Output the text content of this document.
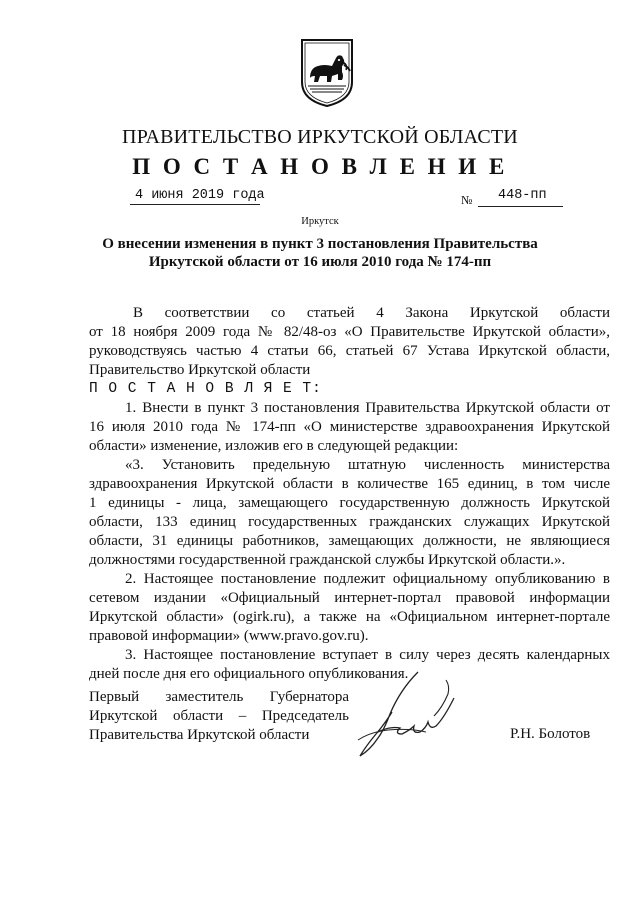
ПРАВИТЕЛЬСТВО ИРКУТСКОЙ ОБЛАСТИ
П О С Т А Н О В Л Е Н И Е
4 июня 2019 года	№ 448-пп
Иркутск
О внесении изменения в пункт 3 постановления Правительства
Иркутской области от 16 июля 2010 года № 174-пп
В соответствии со статьей 4 Закона Иркутской области
от 18 ноября 2009 года № 82/48-оз «О Правительстве Иркутской области»,
руководствуясь частью 4 статьи 66, статьей 67 Устава Иркутской области,
Правительство Иркутской области
П О С Т А Н О В Л Я Е Т:
1. Внести в пункт 3 постановления Правительства Иркутской области от
16 июля 2010 года № 174-пп «О министерстве здравоохранения Иркутской
области» изменение, изложив его в следующей редакции:
«3. Установить предельную штатную численность министерства
здравоохранения Иркутской области в количестве 165 единиц, в том числе
1 единицы - лица, замещающего государственную должность Иркутской
области, 133 единиц государственных гражданских служащих Иркутской
области, 31 единицы работников, замещающих должности, не являющиеся
должностями государственной гражданской службы Иркутской области.».
2. Настоящее постановление подлежит официальному опубликованию в
сетевом издании «Официальный интернет-портал правовой информации
Иркутской области» (ogirk.ru), а также на «Официальном интернет-портале
правовой информации» (www.pravo.gov.ru).
3. Настоящее постановление вступает в силу через десять календарных
дней после дня его официального опубликования.
Первый заместитель Губернатора
Иркутской области – Председатель
Правительства Иркутской области	Р.Н. Болотов
